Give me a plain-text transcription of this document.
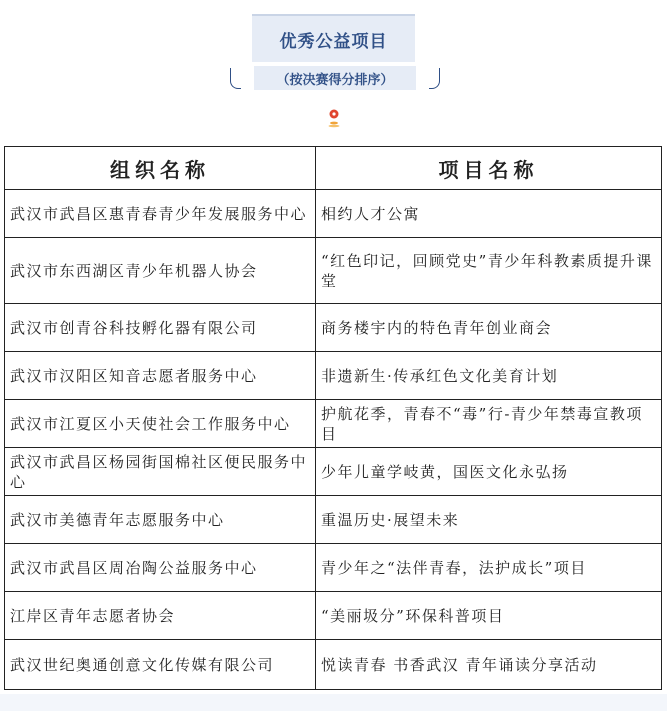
优秀公益项目
（按决赛得分排序）
组织名称	项目名称
武汉市武昌区惠青春青少年发展服务中心	相约人才公寓
武汉市东西湖区青少年机器人协会	“红色印记，回顾党史”青少年科教素质提升课堂
武汉市创青谷科技孵化器有限公司	商务楼宇内的特色青年创业商会
武汉市汉阳区知音志愿者服务中心	非遗新生·传承红色文化美育计划
武汉市江夏区小天使社会工作服务中心	护航花季，青春不“毒”行-青少年禁毒宣教项目
武汉市武昌区杨园街国棉社区便民服务中心	少年儿童学岐黄，国医文化永弘扬
武汉市美德青年志愿服务中心	重温历史·展望未来
武汉市武昌区周冶陶公益服务中心	青少年之“法伴青春，法护成长”项目
江岸区青年志愿者协会	“美丽圾分”环保科普项目
武汉世纪奥通创意文化传媒有限公司	悦读青春 书香武汉 青年诵读分享活动
